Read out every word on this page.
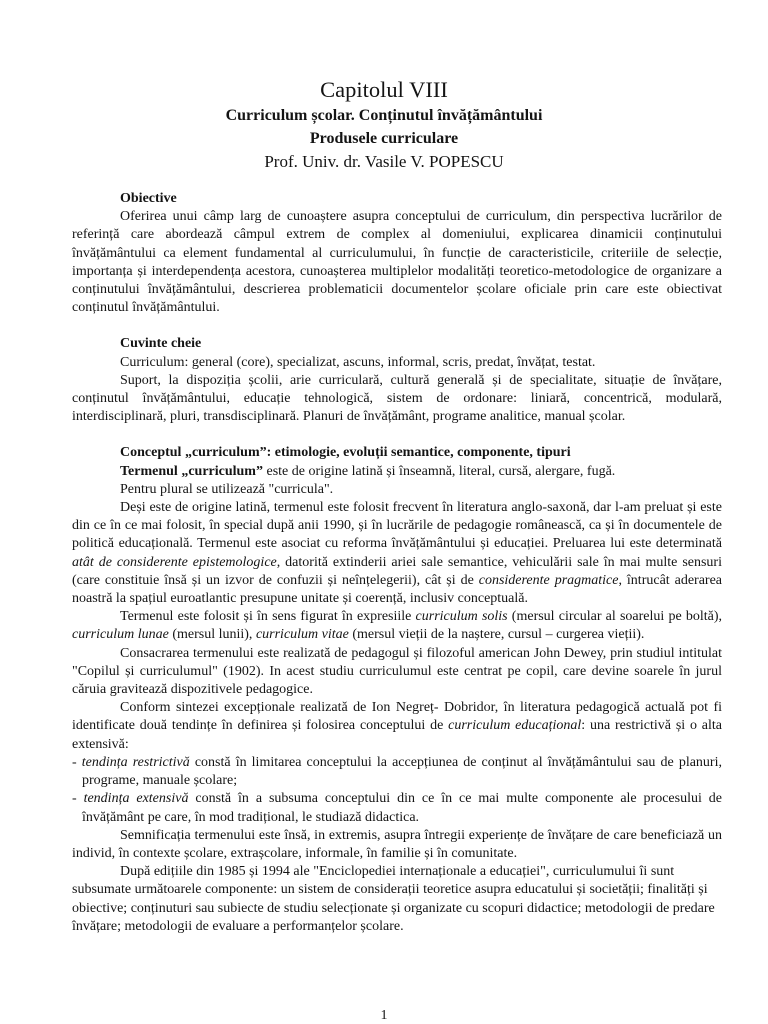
Capitolul VIII
Curriculum școlar. Conținutul învățământului
Produsele curriculare
Prof. Univ. dr. Vasile V. POPESCU

Obiective

Oferirea unui câmp larg de cunoaștere asupra conceptului de curriculum, din perspectiva lucrărilor de referință care abordează câmpul extrem de complex al domeniului, explicarea dinamicii conținutului învățământului ca element fundamental al curriculumului, în funcție de caracteristicile, criteriile de selecție, importanța și interdependența acestora, cunoașterea multiplelor modalități teoretico-metodologice de organizare a conținutului învățământului, descrierea problematicii documentelor școlare oficiale prin care este obiectivat conținutul învățământului.

Cuvinte cheie

Curriculum: general (core), specializat, ascuns, informal, scris, predat, învățat, testat.

Suport, la dispoziția școlii, arie curriculară, cultură generală și de specialitate, situație de învățare, conținutul învățământului, educație tehnologică, sistem de ordonare: liniară, concentrică, modulară, interdisciplinară, pluri, transdisciplinară. Planuri de învățământ, programe analitice, manual școlar.

Conceptul „curriculum”: etimologie, evoluții semantice, componente, tipuri

Termenul „curriculum” este de origine latină și înseamnă, literal, cursă, alergare, fugă.

Pentru plural se utilizează "curricula".

Deși este de origine latină, termenul este folosit frecvent în literatura anglo-saxonă, dar l-am preluat și este din ce în ce mai folosit, în special după anii 1990, și în lucrările de pedagogie românească, ca și în documentele de politică educațională. Termenul este asociat cu reforma învățământului și educației. Preluarea lui este determinată atât de considerente epistemologice, datorită extinderii ariei sale semantice, vehiculării sale în mai multe sensuri (care constituie însă și un izvor de confuzii și neînțelegerii), cât și de considerente pragmatice, întrucât aderarea noastră la spațiul euroatlantic presupune unitate și coerență, inclusiv conceptuală.

Termenul este folosit și în sens figurat în expresiile curriculum solis (mersul circular al soarelui pe boltă), curriculum lunae (mersul lunii), curriculum vitae (mersul vieții de la naștere, cursul – curgerea vieții).

Consacrarea termenului este realizată de pedagogul și filozoful american John Dewey, prin studiul intitulat "Copilul și curriculumul" (1902). In acest studiu curriculumul este centrat pe copil, care devine soarele în jurul căruia gravitează dispozitivele pedagogice.

Conform sintezei excepționale realizată de Ion Negreț- Dobridor, în literatura pedagogică actuală pot fi identificate două tendințe în definirea și folosirea conceptului de curriculum educațional: una restrictivă și o alta extensivă:

- tendința restrictivă constă în limitarea conceptului la accepțiunea de conținut al învățământului sau de planuri, programe, manuale școlare;

- tendința extensivă constă în a subsuma conceptului din ce în ce mai multe componente ale procesului de învățământ pe care, în mod tradițional, le studiază didactica.

Semnificația termenului este însă, in extremis, asupra întregii experiențe de învățare de care beneficiază un individ, în contexte școlare, extrașcolare, informale, în familie și în comunitate.

După edițiile din 1985 și 1994 ale "Enciclopediei internaționale a educației", curriculumului îi sunt subsumate următoarele componente: un sistem de considerații teoretice asupra educatului și societății; finalități și obiective; conținuturi sau subiecte de studiu selecționate și organizate cu scopuri didactice; metodologii de predare învățare; metodologii de evaluare a performanțelor școlare.

1
